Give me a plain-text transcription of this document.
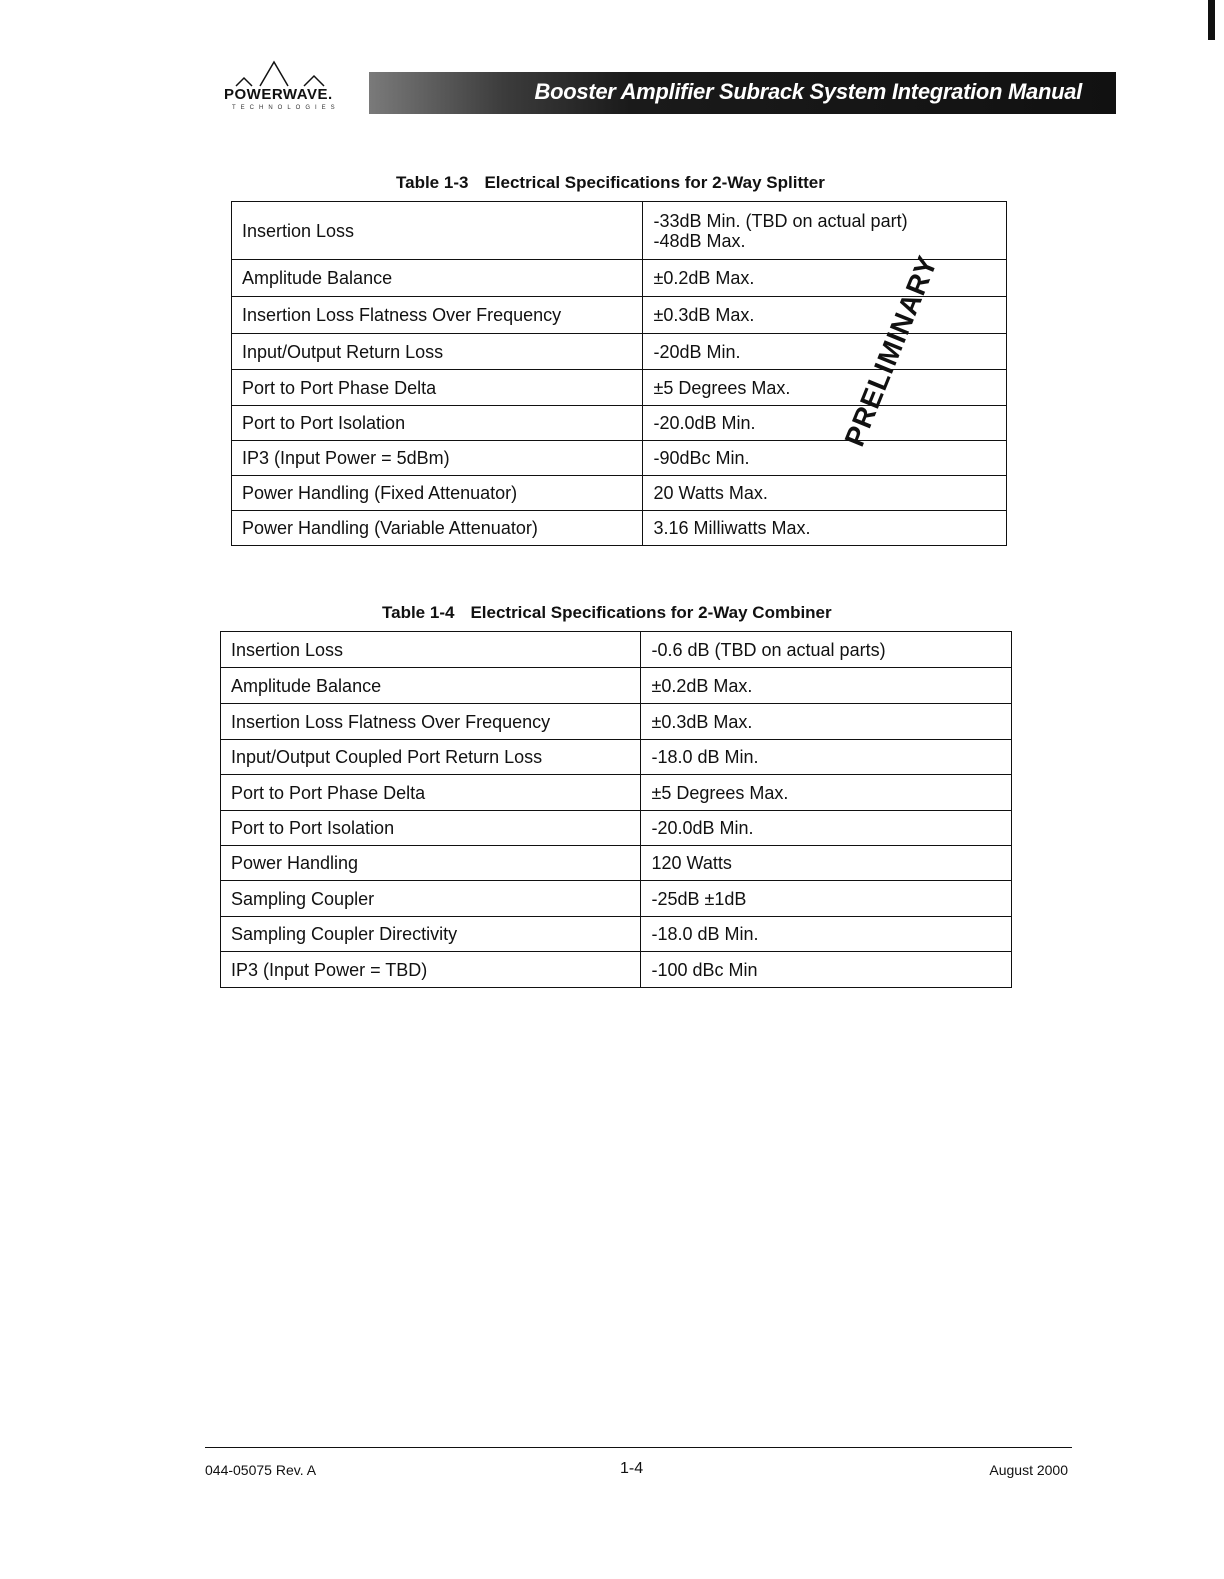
POWERWAVE.
TECHNOLOGIES
Booster Amplifier Subrack System Integration Manual
Table 1-3 Electrical Specifications for 2-Way Splitter
Insertion Loss	-33dB Min. (TBD on actual part)
-48dB Max.

Amplitude Balance	±0.2dB Max.
Insertion Loss Flatness Over Frequency	±0.3dB Max.
Input/Output Return Loss	-20dB Min.
Port to Port Phase Delta	±5 Degrees Max.
Port to Port Isolation	-20.0dB Min.
IP3 (Input Power = 5dBm)	-90dBc Min.
Power Handling (Fixed Attenuator)	20 Watts Max.
Power Handling (Variable Attenuator)	3.16 Milliwatts Max.
PRELIMINARY
Table 1-4 Electrical Specifications for 2-Way Combiner
Insertion Loss	-0.6 dB (TBD on actual parts)
Amplitude Balance	±0.2dB Max.
Insertion Loss Flatness Over Frequency	±0.3dB Max.
Input/Output Coupled Port Return Loss	-18.0 dB Min.
Port to Port Phase Delta	±5 Degrees Max.
Port to Port Isolation	-20.0dB Min.
Power Handling	120 Watts
Sampling Coupler	-25dB ±1dB
Sampling Coupler Directivity	-18.0 dB Min.
IP3 (Input Power = TBD)	-100 dBc Min
044-05075 Rev. A	1-4	August 2000
